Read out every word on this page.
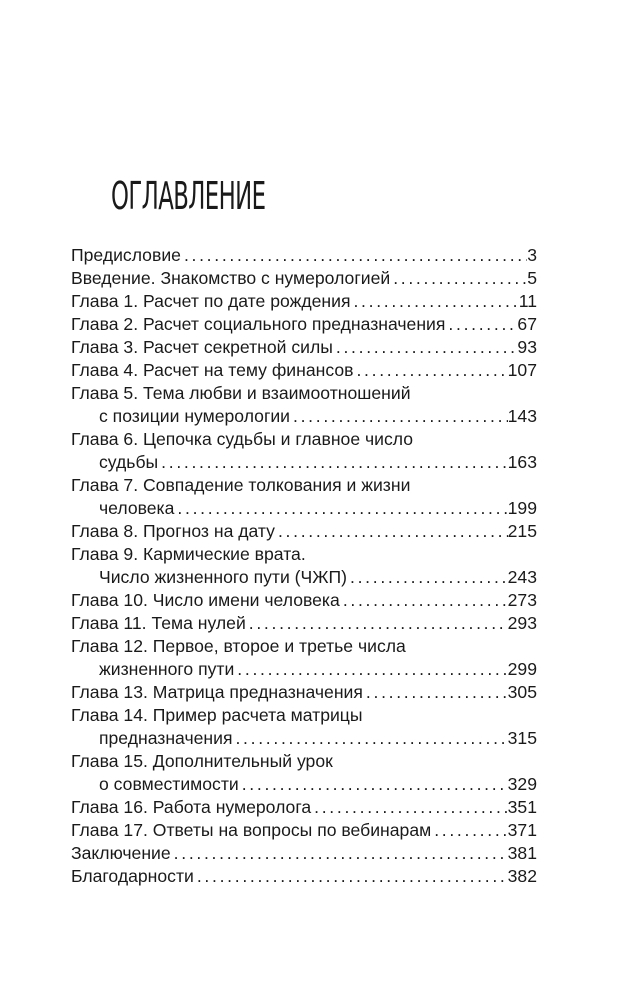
ОГЛАВЛЕНИЕ
Предисловие . . .	3
Введение. Знакомство с нумерологией . . .	5
Глава 1. Расчет по дате рождения . . .	11
Глава 2. Расчет социального предназначения . . .	67
Глава 3. Расчет секретной силы . . .	93
Глава 4. Расчет на тему финансов . . .	107
Глава 5. Тема любви и взаимоотношений
с позиции нумерологии . . .	143
Глава 6. Цепочка судьбы и главное число
судьбы . . .	163
Глава 7. Совпадение толкования и жизни
человека . . .	199
Глава 8. Прогноз на дату . . .	215
Глава 9. Кармические врата.
Число жизненного пути (ЧЖП) . . .	243
Глава 10. Число имени человека . . .	273
Глава 11. Тема нулей . . .	293
Глава 12. Первое, второе и третье числа
жизненного пути . . .	299
Глава 13. Матрица предназначения . . .	305
Глава 14. Пример расчета матрицы
предназначения . . .	315
Глава 15. Дополнительный урок
о совместимости . . .	329
Глава 16. Работа нумеролога . . .	351
Глава 17. Ответы на вопросы по вебинарам . . .	371
Заключение . . .	381
Благодарности . . .	382
